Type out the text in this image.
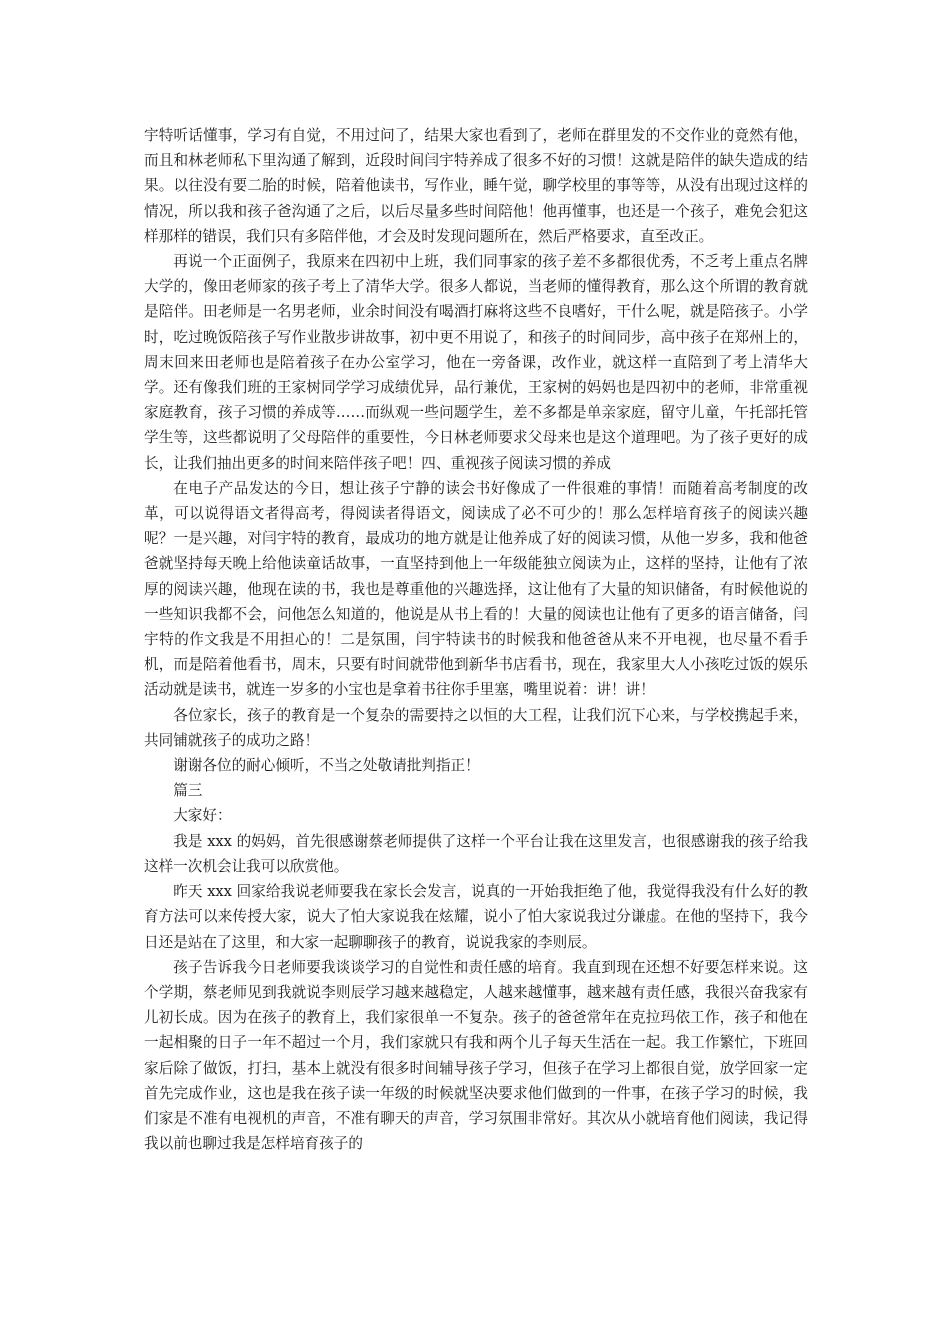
宇特听话懂事，学习有自觉，不用过问了，结果大家也看到了，老师在群里发的不交作业的竟然有他，而且和林老师私下里沟通了解到，近段时间闫宇特养成了很多不好的习惯！这就是陪伴的缺失造成的结果。以往没有要二胎的时候，陪着他读书，写作业，睡午觉，聊学校里的事等等，从没有出现过这样的情况，所以我和孩子爸沟通了之后，以后尽量多些时间陪他！他再懂事，也还是一个孩子，难免会犯这样那样的错误，我们只有多陪伴他，才会及时发现问题所在，然后严格要求，直至改正。

再说一个正面例子，我原来在四初中上班，我们同事家的孩子差不多都很优秀，不乏考上重点名牌大学的，像田老师家的孩子考上了清华大学。很多人都说，当老师的懂得教育，那么这个所谓的教育就是陪伴。田老师是一名男老师，业余时间没有喝酒打麻将这些不良嗜好，干什么呢，就是陪孩子。小学时，吃过晚饭陪孩子写作业散步讲故事，初中更不用说了，和孩子的时间同步，高中孩子在郑州上的，周末回来田老师也是陪着孩子在办公室学习，他在一旁备课，改作业，就这样一直陪到了考上清华大学。还有像我们班的王家树同学学习成绩优异，品行兼优，王家树的妈妈也是四初中的老师，非常重视家庭教育，孩子习惯的养成等……而纵观一些问题学生，差不多都是单亲家庭，留守儿童，午托部托管学生等，这些都说明了父母陪伴的重要性，今日林老师要求父母来也是这个道理吧。为了孩子更好的成长，让我们抽出更多的时间来陪伴孩子吧！四、重视孩子阅读习惯的养成

在电子产品发达的今日，想让孩子宁静的读会书好像成了一件很难的事情！而随着高考制度的改革，可以说得语文者得高考，得阅读者得语文，阅读成了必不可少的！那么怎样培育孩子的阅读兴趣呢？一是兴趣，对闫宇特的教育，最成功的地方就是让他养成了好的阅读习惯，从他一岁多，我和他爸爸就坚持每天晚上给他读童话故事，一直坚持到他上一年级能独立阅读为止，这样的坚持，让他有了浓厚的阅读兴趣，他现在读的书，我也是尊重他的兴趣选择，这让他有了大量的知识储备，有时候他说的一些知识我都不会，问他怎么知道的，他说是从书上看的！大量的阅读也让他有了更多的语言储备，闫宇特的作文我是不用担心的！二是氛围，闫宇特读书的时候我和他爸爸从来不开电视，也尽量不看手机，而是陪着他看书，周末，只要有时间就带他到新华书店看书，现在，我家里大人小孩吃过饭的娱乐活动就是读书，就连一岁多的小宝也是拿着书往你手里塞，嘴里说着：讲！讲！

各位家长，孩子的教育是一个复杂的需要持之以恒的大工程，让我们沉下心来，与学校携起手来，共同铺就孩子的成功之路！

谢谢各位的耐心倾听，不当之处敬请批判指正！

篇三

大家好：

我是 xxx 的妈妈，首先很感谢蔡老师提供了这样一个平台让我在这里发言，也很感谢我的孩子给我这样一次机会让我可以欣赏他。

昨天 xxx 回家给我说老师要我在家长会发言，说真的一开始我拒绝了他，我觉得我没有什么好的教育方法可以来传授大家，说大了怕大家说我在炫耀，说小了怕大家说我过分谦虚。在他的坚持下，我今日还是站在了这里，和大家一起聊聊孩子的教育，说说我家的李则辰。

孩子告诉我今日老师要我谈谈学习的自觉性和责任感的培育。我直到现在还想不好要怎样来说。这个学期，蔡老师见到我就说李则辰学习越来越稳定，人越来越懂事，越来越有责任感，我很兴奋我家有儿初长成。因为在孩子的教育上，我们家很单一不复杂。孩子的爸爸常年在克拉玛依工作，孩子和他在一起相聚的日子一年不超过一个月，我们家就只有我和两个儿子每天生活在一起。我工作繁忙，下班回家后除了做饭，打扫，基本上就没有很多时间辅导孩子学习，但孩子在学习上都很自觉，放学回家一定首先完成作业，这也是我在孩子读一年级的时候就坚决要求他们做到的一件事，在孩子学习的时候，我们家是不准有电视机的声音，不准有聊天的声音，学习氛围非常好。其次从小就培育他们阅读，我记得我以前也聊过我是怎样培育孩子的
